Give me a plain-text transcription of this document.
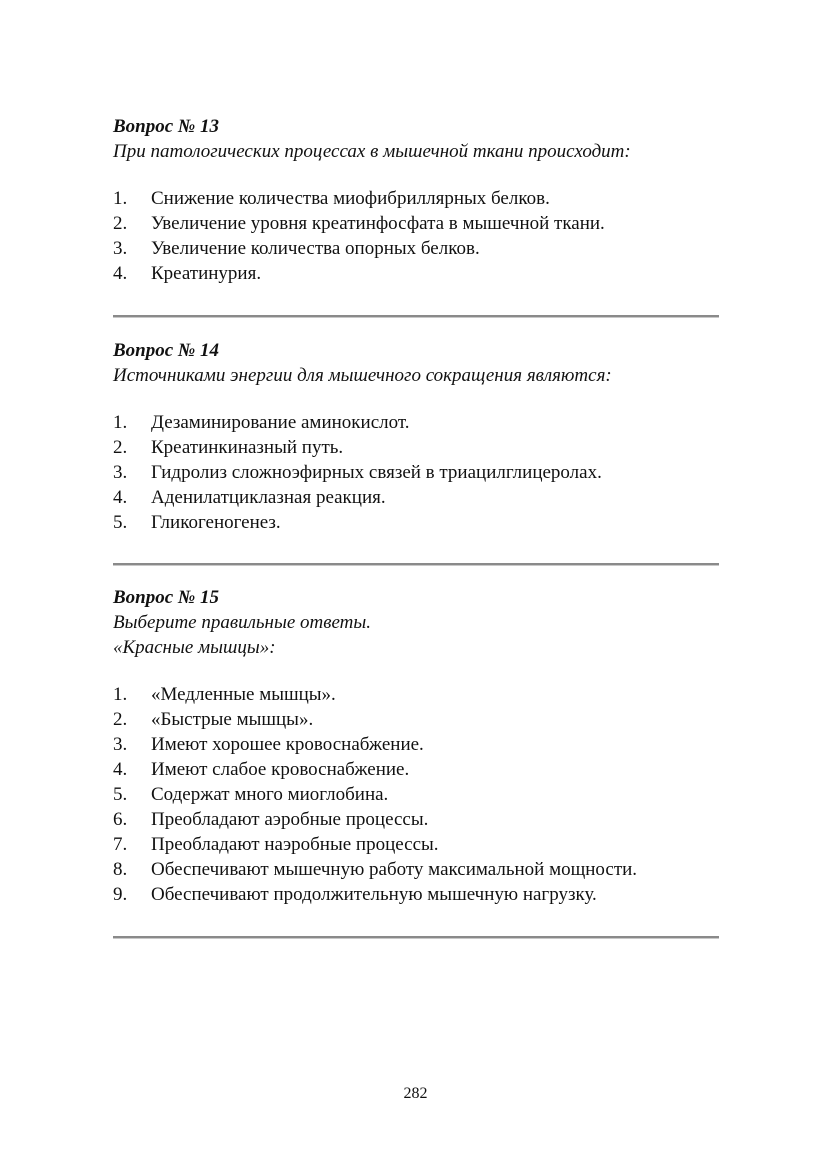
Вопрос № 13

При патологических процессах в мышечной ткани происходит:

1.	Снижение количества миофибриллярных белков.
2.	Увеличение уровня креатинфосфата в мышечной ткани.
3.	Увеличение количества опорных белков.
4.	Креатинурия.

Вопрос № 14

Источниками энергии для мышечного сокращения являются:

1.	Дезаминирование аминокислот.
2.	Креатинкиназный путь.
3.	Гидролиз сложноэфирных связей в триацилглицеролах.
4.	Аденилатциклазная реакция.
5.	Гликогеногенез.

Вопрос № 15

Выберите правильные ответы.

«Красные мышцы»:

1.	«Медленные мышцы».
2.	«Быстрые мышцы».
3.	Имеют хорошее кровоснабжение.
4.	Имеют слабое кровоснабжение.
5.	Содержат много миоглобина.
6.	Преобладают аэробные процессы.
7.	Преобладают наэробные процессы.
8.	Обеспечивают мышечную работу максимальной мощности.
9.	Обеспечивают продолжительную мышечную нагрузку.
282
